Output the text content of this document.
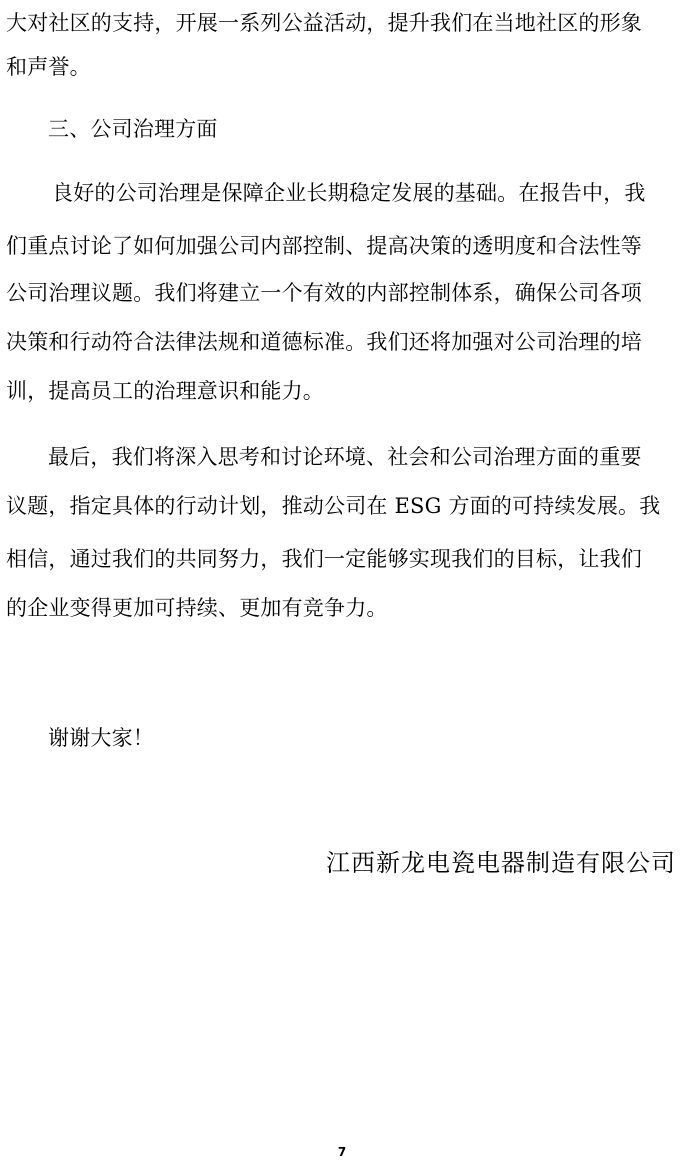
大对社区的支持，开展一系列公益活动，提升我们在当地社区的形象
和声誉。
三、公司治理方面
良好的公司治理是保障企业长期稳定发展的基础。在报告中，我
们重点讨论了如何加强公司内部控制、提高决策的透明度和合法性等
公司治理议题。我们将建立一个有效的内部控制体系，确保公司各项
决策和行动符合法律法规和道德标准。我们还将加强对公司治理的培
训，提高员工的治理意识和能力。
最后，我们将深入思考和讨论环境、社会和公司治理方面的重要
议题，指定具体的行动计划，推动公司在 ESG 方面的可持续发展。我
相信，通过我们的共同努力，我们一定能够实现我们的目标，让我们
的企业变得更加可持续、更加有竞争力。
谢谢大家！
江西新龙电瓷电器制造有限公司
7
